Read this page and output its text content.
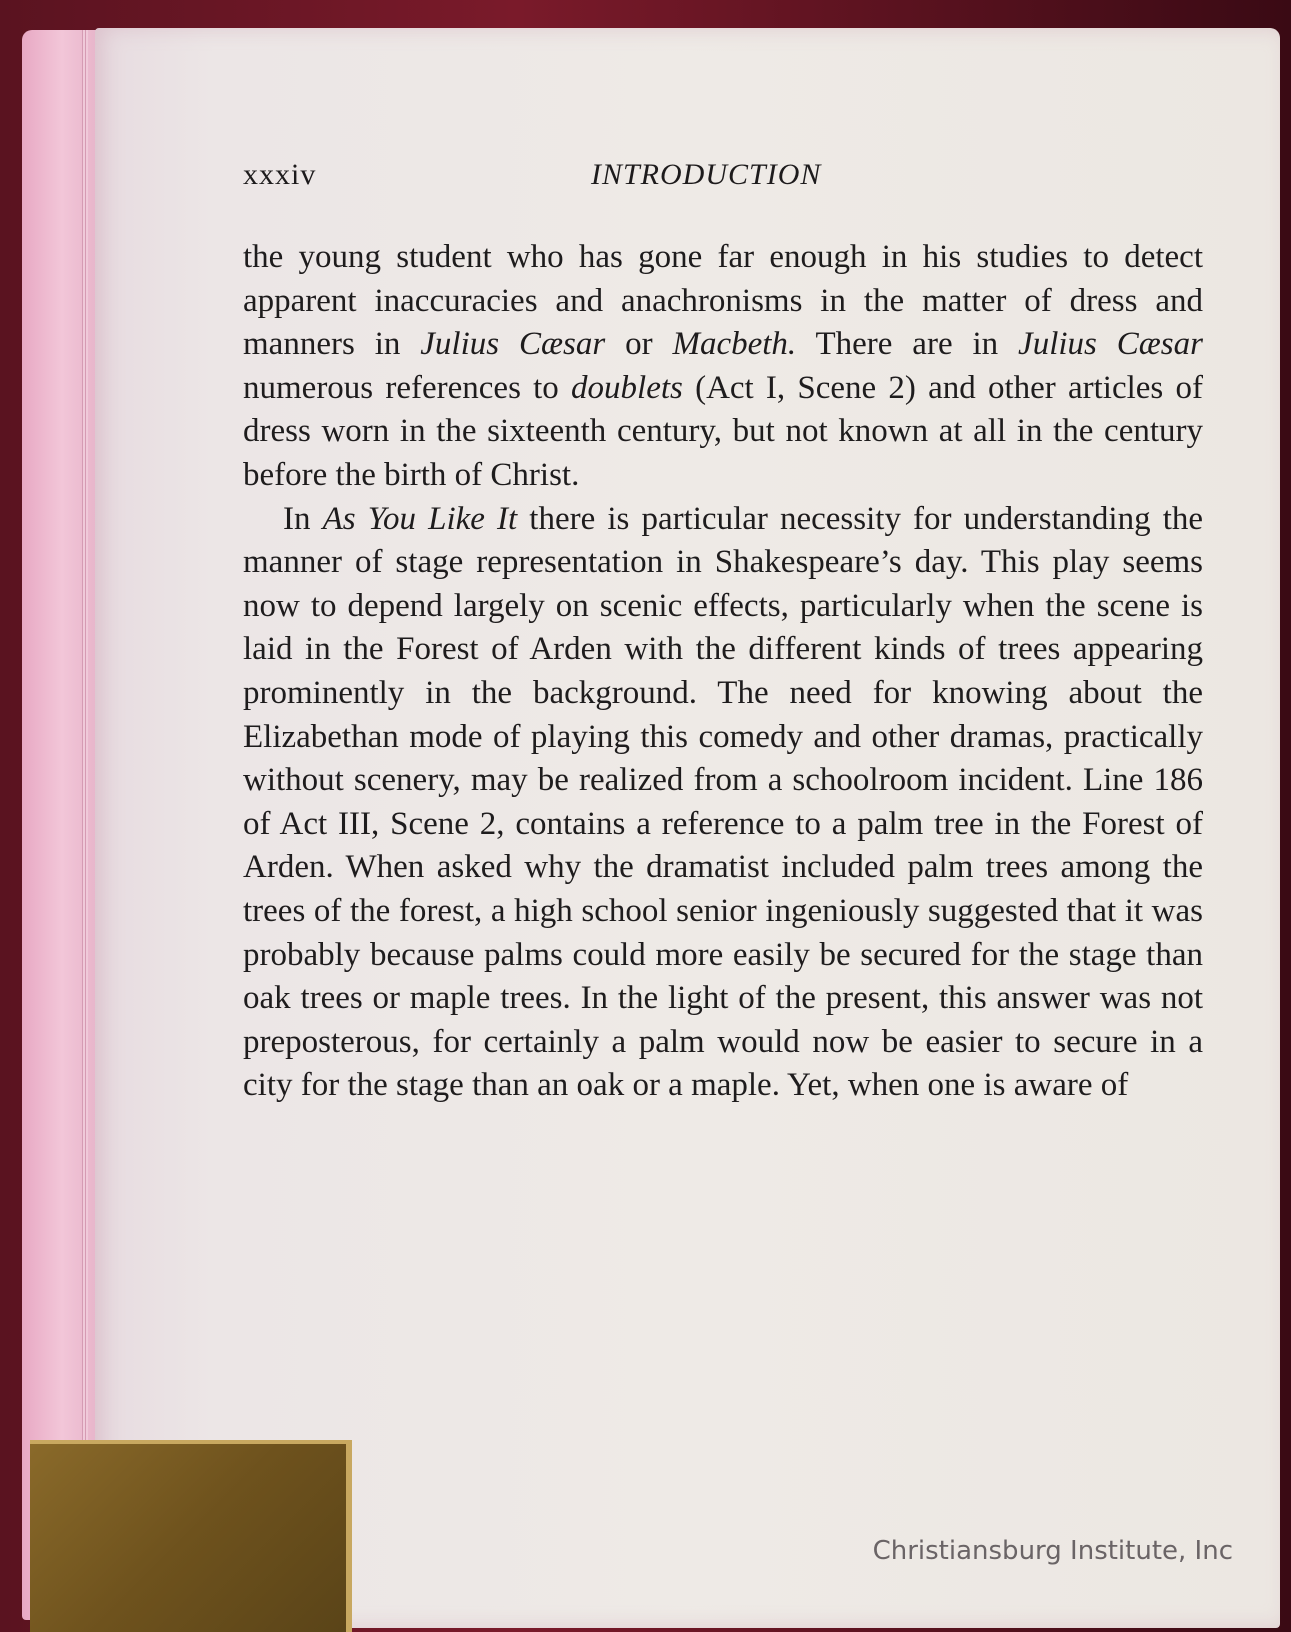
xxxiv	INTRODUCTION

the young student who has gone far enough in his studies to detect apparent inaccuracies and anachronisms in the matter of dress and manners in Julius Cæsar or Macbeth. There are in Julius Cæsar numerous references to doublets (Act I, Scene 2) and other articles of dress worn in the sixteenth century, but not known at all in the century before the birth of Christ.

In As You Like It there is particular necessity for understanding the manner of stage representation in Shakespeare’s day. This play seems now to depend largely on scenic effects, particularly when the scene is laid in the Forest of Arden with the different kinds of trees appearing prominently in the background. The need for knowing about the Elizabethan mode of playing this comedy and other dramas, practically without scenery, may be realized from a schoolroom incident. Line 186 of Act III, Scene 2, contains a reference to a palm tree in the Forest of Arden. When asked why the dramatist included palm trees among the trees of the forest, a high school senior ingeniously suggested that it was probably because palms could more easily be secured for the stage than oak trees or maple trees. In the light of the present, this answer was not preposterous, for certainly a palm would now be easier to secure in a city for the stage than an oak or a maple. Yet, when one is aware of

Christiansburg Institute, Inc
